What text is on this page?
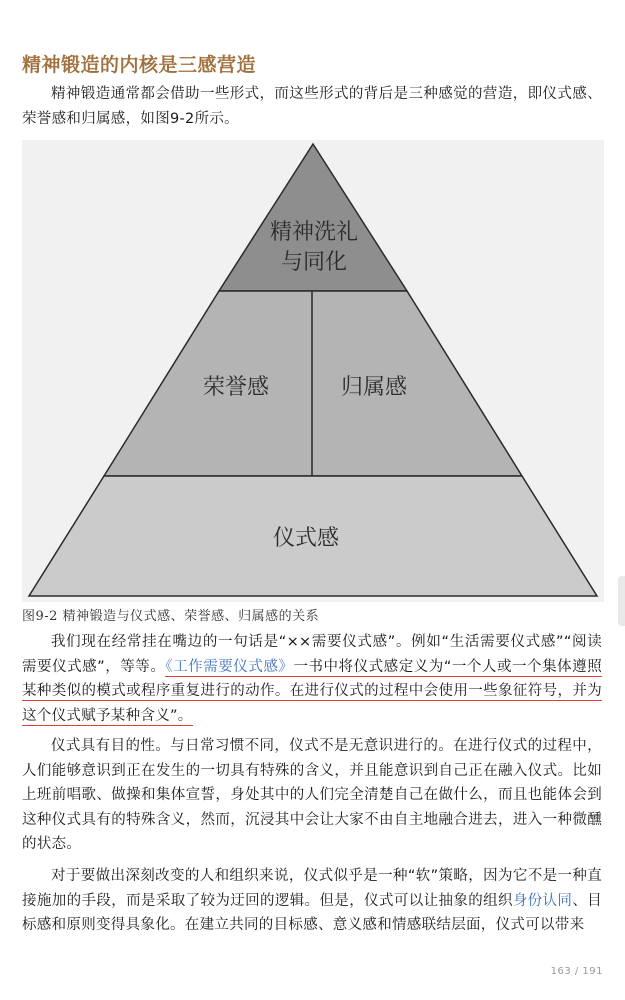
精神锻造的内核是三感营造

精神锻造通常都会借助一些形式，而这些形式的背后是三种感觉的营造，即仪式感、荣誉感和归属感，如图9-2所示。

精神洗礼
与同化
荣誉感	归属感
仪式感
图9-2 精神锻造与仪式感、荣誉感、归属感的关系

我们现在经常挂在嘴边的一句话是“××需要仪式感”。例如“生活需要仪式感”“阅读需要仪式感”，等等。《工作需要仪式感》一书中将仪式感定义为“一个人或一个集体遵照某种类似的模式或程序重复进行的动作。在进行仪式的过程中会使用一些象征符号，并为这个仪式赋予某种含义”。

仪式具有目的性。与日常习惯不同，仪式不是无意识进行的。在进行仪式的过程中，人们能够意识到正在发生的一切具有特殊的含义，并且能意识到自己正在融入仪式。比如上班前唱歌、做操和集体宣誓，身处其中的人们完全清楚自己在做什么，而且也能体会到这种仪式具有的特殊含义，然而，沉浸其中会让大家不由自主地融合进去，进入一种微醺的状态。

对于要做出深刻改变的人和组织来说，仪式似乎是一种“软”策略，因为它不是一种直接施加的手段，而是采取了较为迂回的逻辑。但是，仪式可以让抽象的组织身份认同、目标感和原则变得具象化。在建立共同的目标感、意义感和情感联结层面，仪式可以带来

163 / 191
